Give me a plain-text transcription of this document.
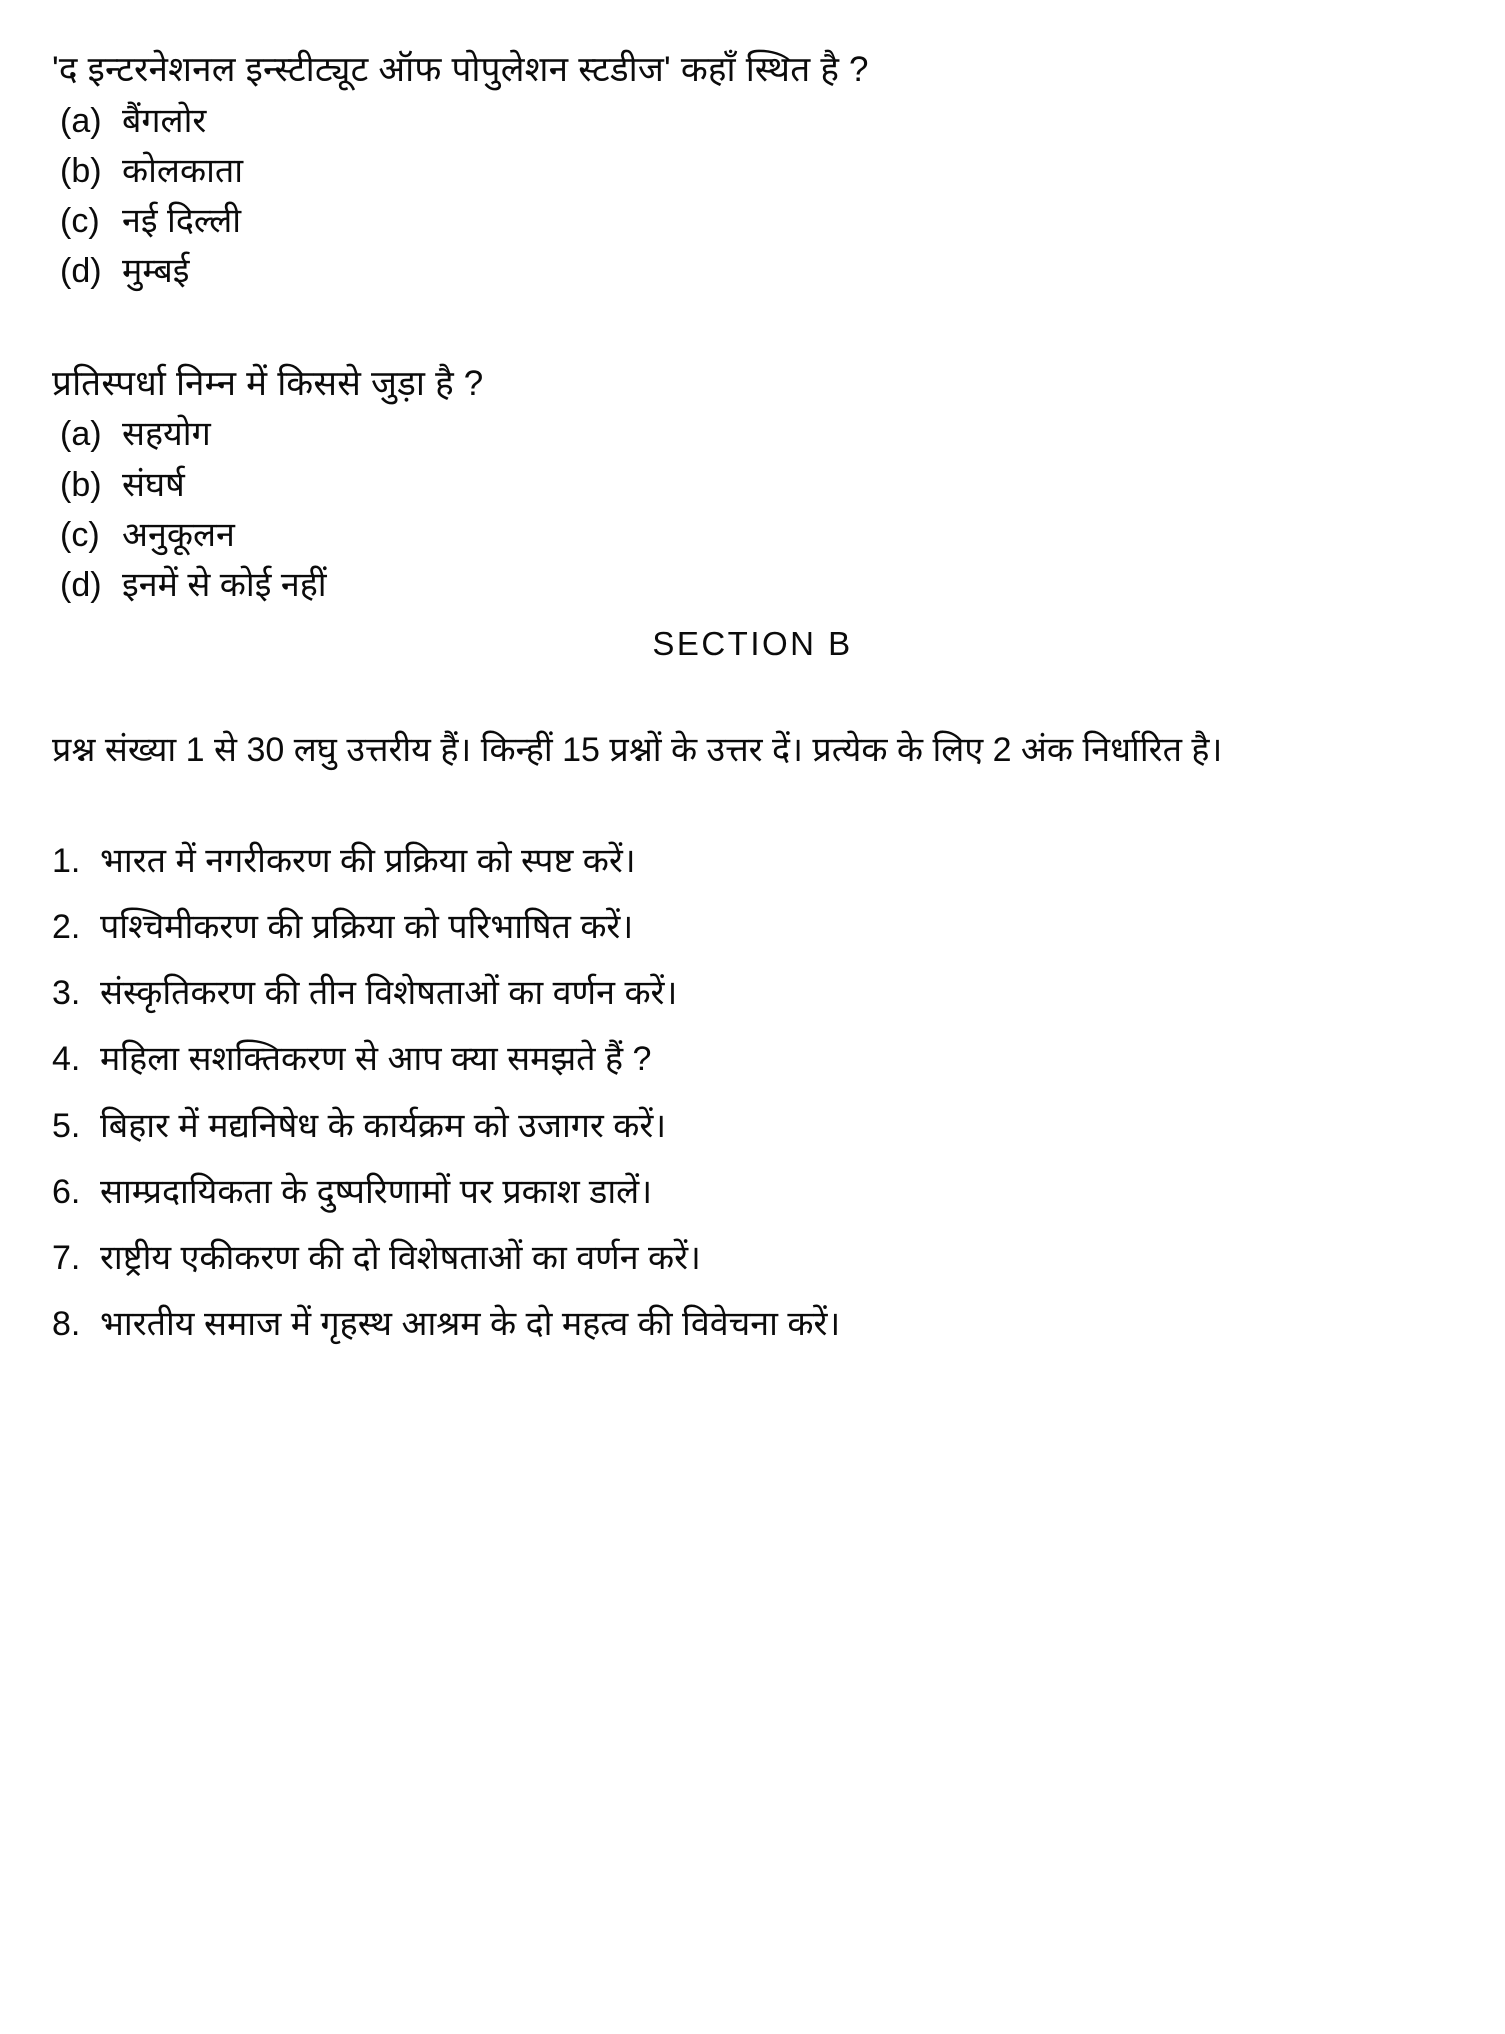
'द इन्टरनेशनल इन्स्टीट्यूट ऑफ पोपुलेशन स्टडीज' कहाँ स्थित है ?

(a) बैंगलोर
(b) कोलकाता
(c) नई दिल्ली
(d) मुम्बई

प्रतिस्पर्धा निम्न में किससे जुड़ा है ?

(a) सहयोग
(b) संघर्ष
(c) अनुकूलन
(d) इनमें से कोई नहीं

SECTION B

प्रश्न संख्या 1 से 30 लघु उत्तरीय हैं। किन्हीं 15 प्रश्नों के उत्तर दें। प्रत्येक के लिए 2 अंक निर्धारित है।

1. भारत में नगरीकरण की प्रक्रिया को स्पष्ट करें।
2. पश्चिमीकरण की प्रक्रिया को परिभाषित करें।
3. संस्कृतिकरण की तीन विशेषताओं का वर्णन करें।
4. महिला सशक्तिकरण से आप क्या समझते हैं ?
5. बिहार में मद्यनिषेध के कार्यक्रम को उजागर करें।
6. साम्प्रदायिकता के दुष्परिणामों पर प्रकाश डालें।
7. राष्ट्रीय एकीकरण की दो विशेषताओं का वर्णन करें।
8. भारतीय समाज में गृहस्थ आश्रम के दो महत्व की विवेचना करें।
